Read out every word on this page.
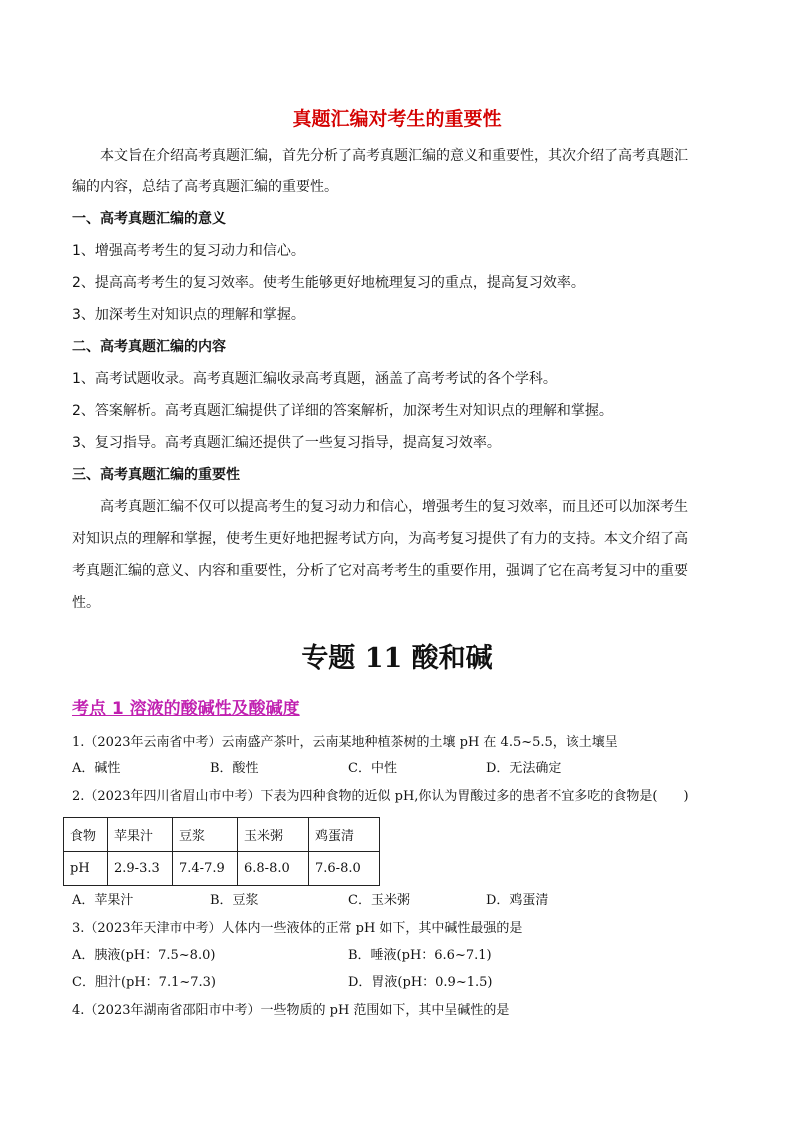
真题汇编对考生的重要性
本文旨在介绍高考真题汇编，首先分析了高考真题汇编的意义和重要性，其次介绍了高考真题汇
编的内容，总结了高考真题汇编的重要性。
一、高考真题汇编的意义
1、增强高考考生的复习动力和信心。
2、提高高考考生的复习效率。使考生能够更好地梳理复习的重点，提高复习效率。
3、加深考生对知识点的理解和掌握。
二、高考真题汇编的内容
1、高考试题收录。高考真题汇编收录高考真题，涵盖了高考考试的各个学科。
2、答案解析。高考真题汇编提供了详细的答案解析，加深考生对知识点的理解和掌握。
3、复习指导。高考真题汇编还提供了一些复习指导，提高复习效率。
三、高考真题汇编的重要性
高考真题汇编不仅可以提高考生的复习动力和信心，增强考生的复习效率，而且还可以加深考生
对知识点的理解和掌握，使考生更好地把握考试方向，为高考复习提供了有力的支持。本文介绍了高
考真题汇编的意义、内容和重要性，分析了它对高考考生的重要作用，强调了它在高考复习中的重要
性。
专题 11 酸和碱
考点 1 溶液的酸碱性及酸碱度
1.（2023年云南省中考）云南盛产茶叶，云南某地种植茶树的土壤 pH 在 4.5~5.5，该土壤呈
A．碱性	B．酸性	C．中性	D．无法确定
2.（2023年四川省眉山市中考）下表为四种食物的近似 pH,你认为胃酸过多的患者不宜多吃的食物是(　　)
食物	苹果汁	豆浆	玉米粥	鸡蛋清
pH	2.9-3.3	7.4-7.9	6.8-8.0	7.6-8.0
A．苹果汁	B．豆浆	C．玉米粥	D．鸡蛋清
3.（2023年天津市中考）人体内一些液体的正常 pH 如下，其中碱性最强的是
A．胰液(pH：7.5~8.0)	B．唾液(pH：6.6~7.1)
C．胆汁(pH：7.1~7.3)	D．胃液(pH：0.9~1.5)
4.（2023年湖南省邵阳市中考）一些物质的 pH 范围如下，其中呈碱性的是
